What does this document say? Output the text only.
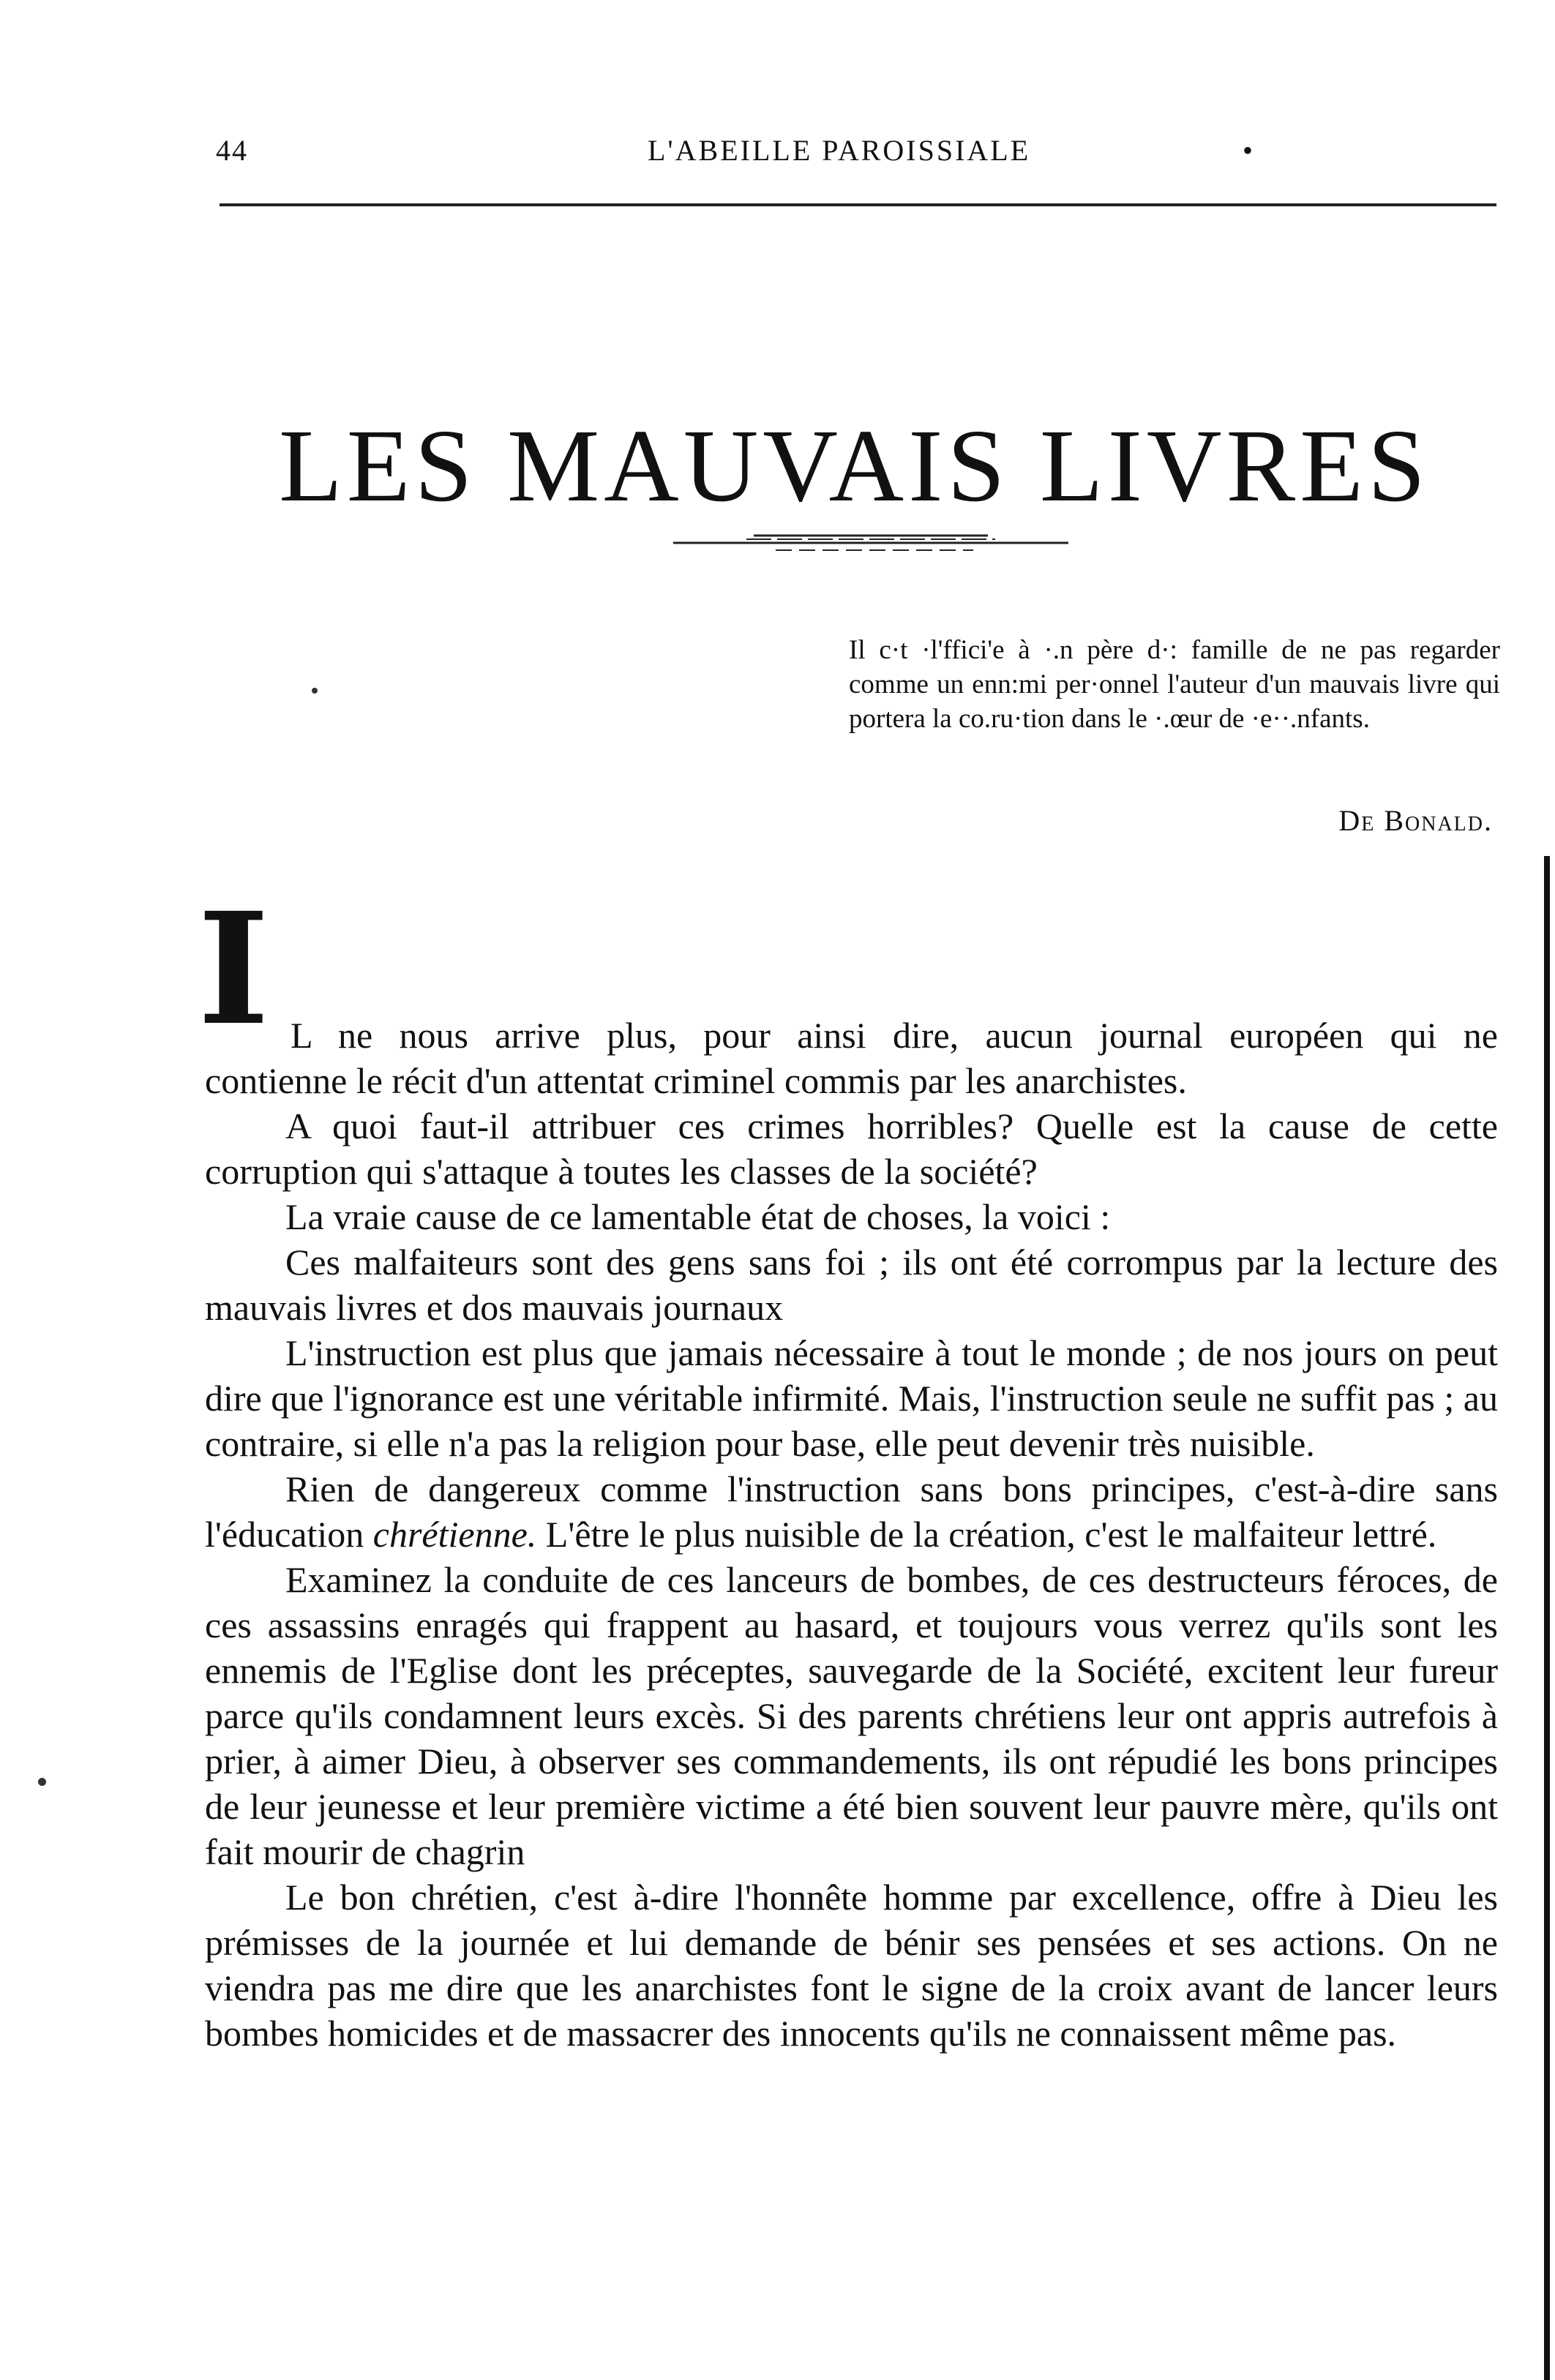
44	L'ABEILLE PAROISSIALE	•
LES MAUVAIS LIVRES
Il c·t ·l'ffici'e à ·.n père d·: famille de ne pas regarder comme un enn:mi per·onnel l'auteur d'un mauvais livre qui portera la co.ru·tion dans le ·.œur de ·e··.nfants.
De Bonald.
I L ne nous arrive plus, pour ainsi dire, aucun journal européen qui ne

contienne le récit d'un attentat criminel commis par les anarchistes.

A quoi faut-il attribuer ces crimes horribles? Quelle est la cause de cette corruption qui s'attaque à toutes les classes de la société?

La vraie cause de ce lamentable état de choses, la voici :

Ces malfaiteurs sont des gens sans foi ; ils ont été corrompus par la lecture des mauvais livres et dos mauvais journaux

L'instruction est plus que jamais nécessaire à tout le monde ; de nos jours on peut dire que l'ignorance est une véritable infirmité. Mais, l'instruction seule ne suffit pas ; au contraire, si elle n'a pas la religion pour base, elle peut devenir très nuisible.

Rien de dangereux comme l'instruction sans bons principes, c'est-à-dire sans l'éducation chrétienne. L'être le plus nuisible de la création, c'est le malfaiteur lettré.

Examinez la conduite de ces lanceurs de bombes, de ces destructeurs féroces, de ces assassins enragés qui frappent au hasard, et toujours vous verrez qu'ils sont les ennemis de l'Eglise dont les préceptes, sauvegarde de la Société, excitent leur fureur parce qu'ils condamnent leurs excès. Si des parents chrétiens leur ont appris autrefois à prier, à aimer Dieu, à observer ses commandements, ils ont répudié les bons principes de leur jeunesse et leur première victime a été bien souvent leur pauvre mère, qu'ils ont fait mourir de chagrin

Le bon chrétien, c'est à-dire l'honnête homme par excellence, offre à Dieu les prémisses de la journée et lui demande de bénir ses pensées et ses actions. On ne viendra pas me dire que les anarchistes font le signe de la croix avant de lancer leurs bombes homicides et de massacrer des innocents qu'ils ne connaissent même pas.
